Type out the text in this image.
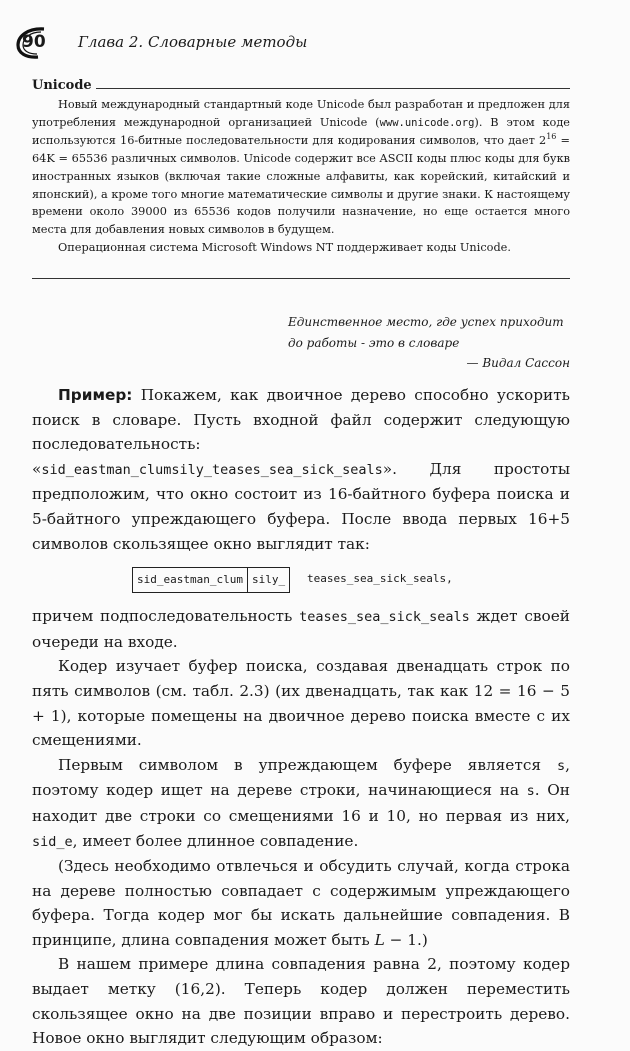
90 Глава 2. Словарные методы
Unicode

Новый международный стандартный коде Unicode был разработан и предложен для употребления международной организацией Unicode (www.unicode.org). В этом коде используются 16-битные последовательности для кодирования символов, что дает $2^{16} = 64K = 65536$ различных символов. Unicode содержит все ASCII коды плюс коды для букв иностранных языков (включая такие сложные алфавиты, как корейский, китайский и японский), а кроме того многие математические символы и другие знаки. К настоящему времени около 39000 из 65536 кодов получили назначение, но еще остается много места для добавления новых символов в будущем.

Операционная система Microsoft Windows NT поддерживает коды Unicode.

Единственное место, где успех приходит
до работы - это в словаре
— Видал Сассон

Пример: Покажем, как двоичное дерево способно ускорить поиск в словаре. Пусть входной файл содержит следующую последовательность: «sid_eastman_clumsily_teases_sea_sick_seals». Для простоты предположим, что окно состоит из 16-байтного буфера поиска и 5-байтного упреждающего буфера. После ввода первых 16+5 символов скользящее окно выглядит так:

sid_eastman_clum sily_	teases_sea_sick_seals,

причем подпоследовательность teases_sea_sick_seals ждет своей очереди на входе.

Кодер изучает буфер поиска, создавая двенадцать строк по пять символов (см. табл. 2.3) (их двенадцать, так как 12 = 16 − 5 + 1), которые помещены на двоичное дерево поиска вместе с их смещениями.

Первым символом в упреждающем буфере является s, поэтому кодер ищет на дереве строки, начинающиеся на s. Он находит две строки со смещениями 16 и 10, но первая из них, sid_e, имеет более длинное совпадение.

(Здесь необходимо отвлечься и обсудить случай, когда строка на дереве полностью совпадает с содержимым упреждающего буфера. Тогда кодер мог бы искать дальнейшие совпадения. В принципе, длина совпадения может быть L − 1.)

В нашем примере длина совпадения равна 2, поэтому кодер выдает метку (16,2). Теперь кодер должен переместить скользящее окно на две позиции вправо и перестроить дерево. Новое окно выглядит следующим образом:
